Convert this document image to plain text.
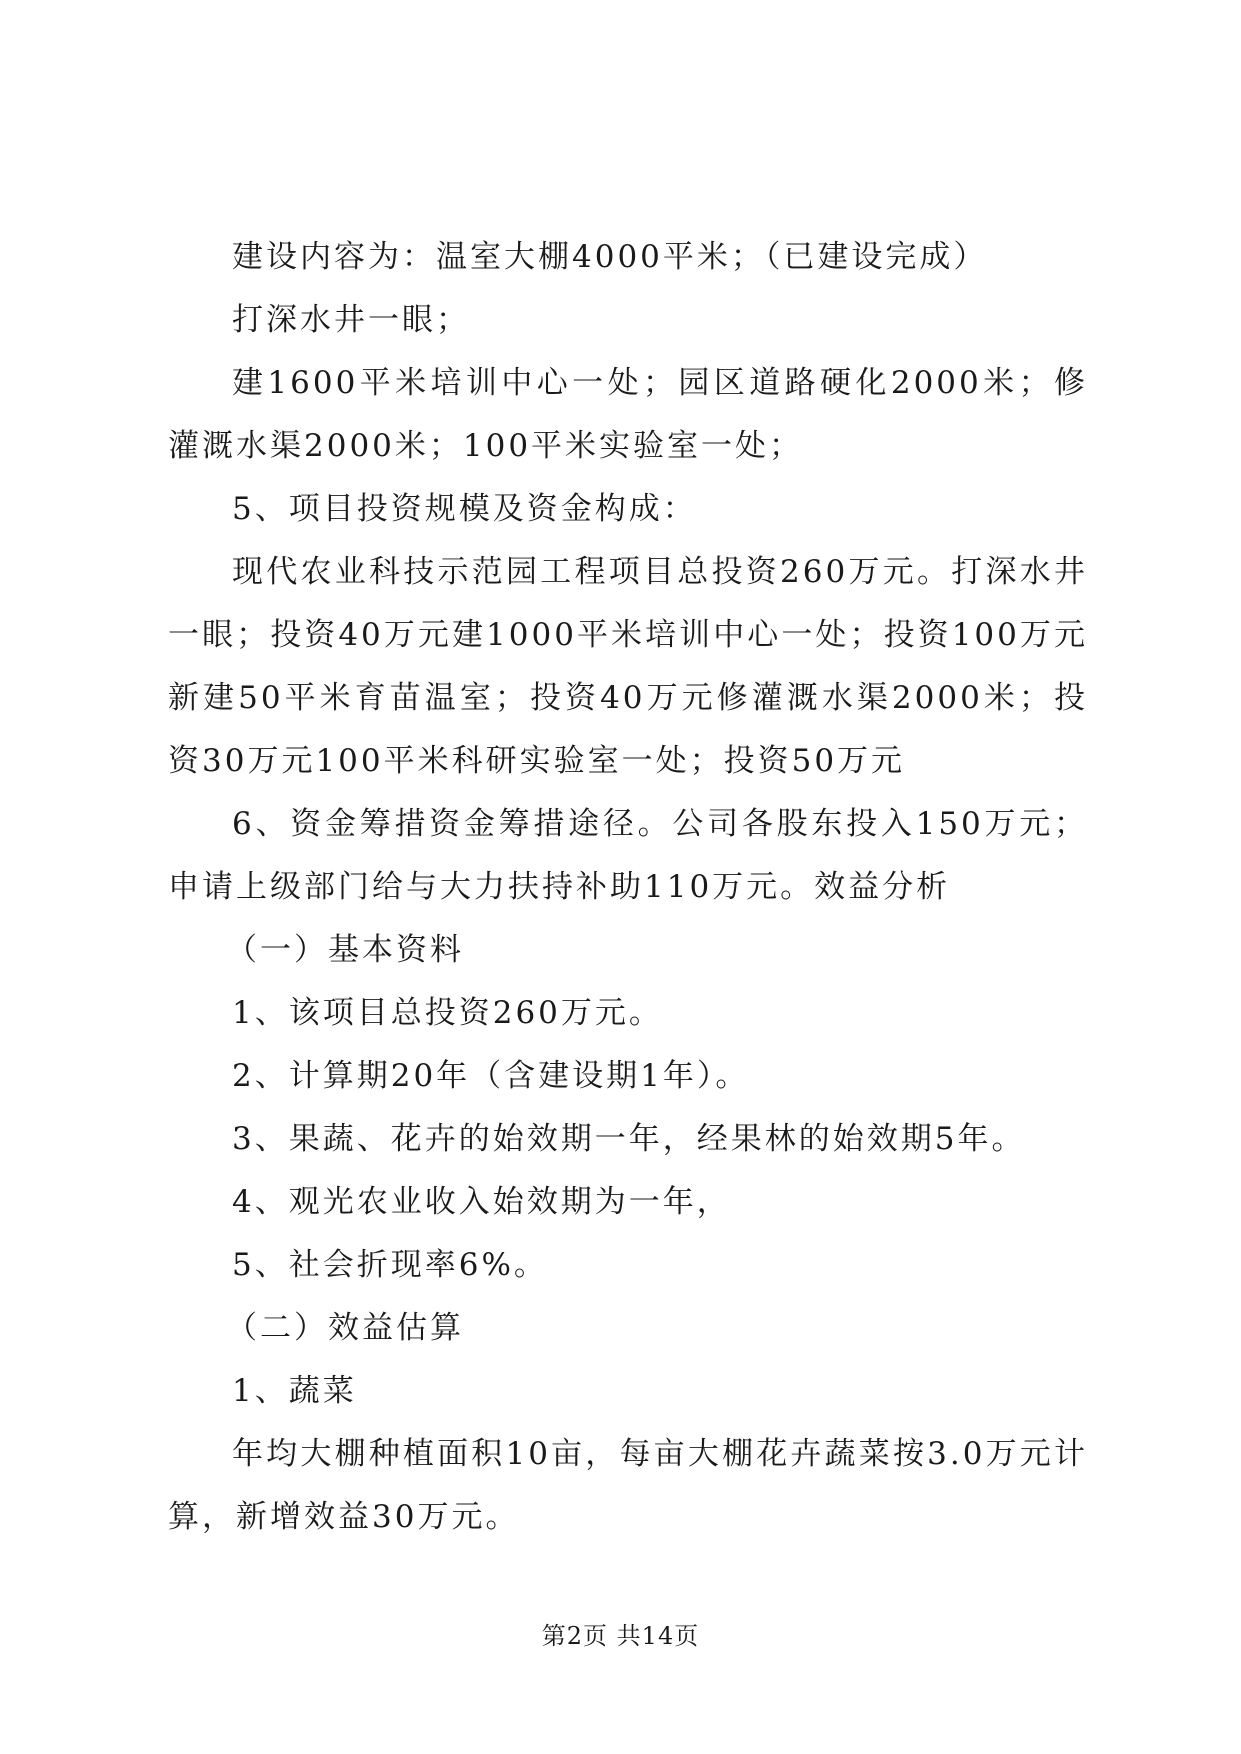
建设内容为：温室大棚4000平米；（已建设完成）

打深水井一眼；

建1600平米培训中心一处；园区道路硬化2000米；修灌溉水渠2000米；100平米实验室一处；

5、项目投资规模及资金构成：

现代农业科技示范园工程项目总投资260万元。打深水井一眼；投资40万元建1000平米培训中心一处；投资100万元新建50平米育苗温室；投资40万元修灌溉水渠2000米；投资30万元100平米科研实验室一处；投资50万元

6、资金筹措资金筹措途径。公司各股东投入150万元；申请上级部门给与大力扶持补助110万元。效益分析

（一）基本资料

1、该项目总投资260万元。

2、计算期20年（含建设期1年）。

3、果蔬、花卉的始效期一年，经果林的始效期5年。

4、观光农业收入始效期为一年，

5、社会折现率6%。

（二）效益估算

1、蔬菜

年均大棚种植面积10亩，每亩大棚花卉蔬菜按3.0万元计算，新增效益30万元。

第2页 共14页
